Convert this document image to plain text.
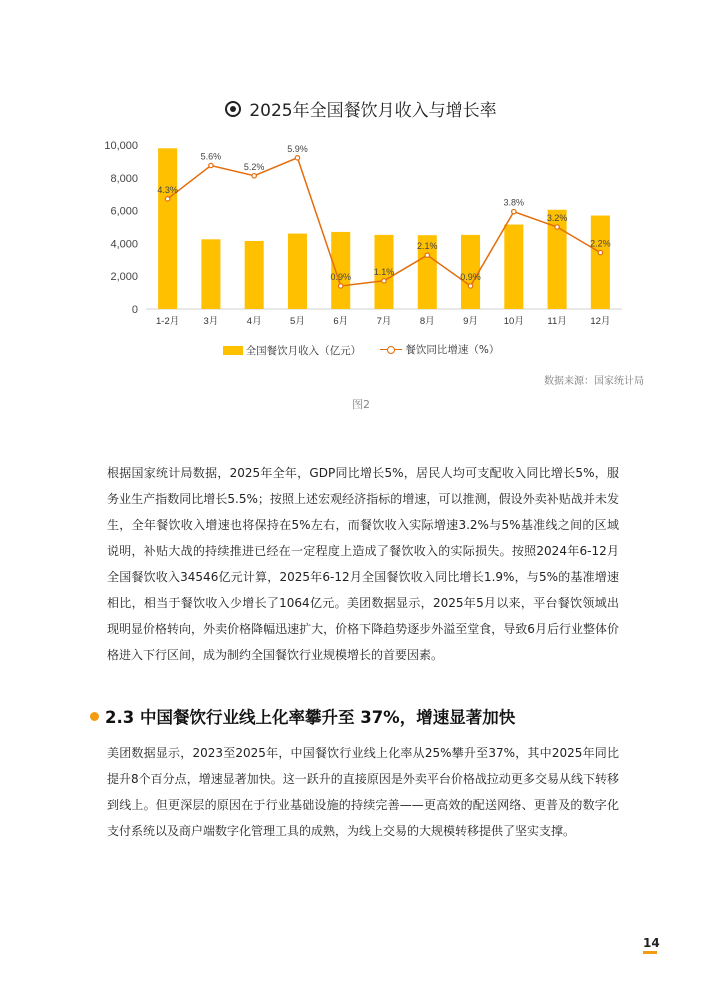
2025年全国餐饮月收入与增长率
0
2,000
4,000
6,000
8,000
10,000
1-2月	3月	4月	5月	6月	7月	8月	9月	10月 11月 12月
4.3%
5.6%
5.2%
5.9%
0.9%
1.1%
2.1%
0.9%
3.8%
3.2%
2.2%
全国餐饮月收入（亿元）
	餐饮同比增速（%）
数据来源：国家统计局
图2

根据国家统计局数据，2025年全年，GDP同比增长5%，居民人均可支配收入同比增长5%，服务业生产指数同比增长5.5%；按照上述宏观经济指标的增速，可以推测，假设外卖补贴战并未发生，全年餐饮收入增速也将保持在5%左右，而餐饮收入实际增速3.2%与5%基准线之间的区域说明，补贴大战的持续推进已经在一定程度上造成了餐饮收入的实际损失。按照2024年6-12月全国餐饮收入34546亿元计算，2025年6-12月全国餐饮收入同比增长1.9%，与5%的基准增速相比，相当于餐饮收入少增长了1064亿元。美团数据显示，2025年5月以来，平台餐饮领域出现明显价格转向，外卖价格降幅迅速扩大，价格下降趋势逐步外溢至堂食，导致6月后行业整体价格进入下行区间，成为制约全国餐饮行业规模增长的首要因素。

2.3 中国餐饮行业线上化率攀升至 37%，增速显著加快

美团数据显示，2023至2025年，中国餐饮行业线上化率从25%攀升至37%，其中2025年同比提升8个百分点，增速显著加快。这一跃升的直接原因是外卖平台价格战拉动更多交易从线下转移到线上。但更深层的原因在于行业基础设施的持续完善——更高效的配送网络、更普及的数字化支付系统以及商户端数字化管理工具的成熟，为线上交易的大规模转移提供了坚实支撑。

14
